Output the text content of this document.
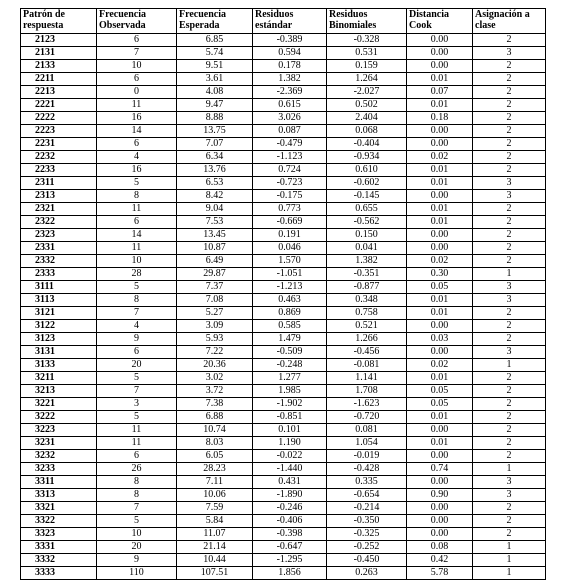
Patrón de respuesta	Frecuencia Observada	Frecuencia Esperada	Residuos estándar	Residuos Binomiales	Distancia Cook	Asignación a clase
2123	6	6.85	-0.389	-0.328	0.00	2
2131	7	5.74	0.594	0.531	0.00	3
2133	10	9.51	0.178	0.159	0.00	2
2211	6	3.61	1.382	1.264	0.01	2
2213	0	4.08	-2.369	-2.027	0.07	2
2221	11	9.47	0.615	0.502	0.01	2
2222	16	8.88	3.026	2.404	0.18	2
2223	14	13.75	0.087	0.068	0.00	2
2231	6	7.07	-0.479	-0.404	0.00	2
2232	4	6.34	-1.123	-0.934	0.02	2
2233	16	13.76	0.724	0.610	0.01	2
2311	5	6.53	-0.723	-0.602	0.01	3
2313	8	8.42	-0.175	-0.145	0.00	3
2321	11	9.04	0.773	0.655	0.01	2
2322	6	7.53	-0.669	-0.562	0.01	2
2323	14	13.45	0.191	0.150	0.00	2
2331	11	10.87	0.046	0.041	0.00	2
2332	10	6.49	1.570	1.382	0.02	2
2333	28	29.87	-1.051	-0.351	0.30	1
3111	5	7.37	-1.213	-0.877	0.05	3
3113	8	7.08	0.463	0.348	0.01	3
3121	7	5.27	0.869	0.758	0.01	2
3122	4	3.09	0.585	0.521	0.00	2
3123	9	5.93	1.479	1.266	0.03	2
3131	6	7.22	-0.509	-0.456	0.00	3
3133	20	20.36	-0.248	-0.081	0.02	1
3211	5	3.02	1.277	1.141	0.01	2
3213	7	3.72	1.985	1.708	0.05	2
3221	3	7.38	-1.902	-1.623	0.05	2
3222	5	6.88	-0.851	-0.720	0.01	2
3223	11	10.74	0.101	0.081	0.00	2
3231	11	8.03	1.190	1.054	0.01	2
3232	6	6.05	-0.022	-0.019	0.00	2
3233	26	28.23	-1.440	-0.428	0.74	1
3311	8	7.11	0.431	0.335	0.00	3
3313	8	10.06	-1.890	-0.654	0.90	3
3321	7	7.59	-0.246	-0.214	0.00	2
3322	5	5.84	-0.406	-0.350	0.00	2
3323	10	11.07	-0.398	-0.325	0.00	2
3331	20	21.14	-0.647	-0.252	0.08	1
3332	9	10.44	-1.295	-0.450	0.42	1
3333	110	107.51	1.856	0.263	5.78	1
